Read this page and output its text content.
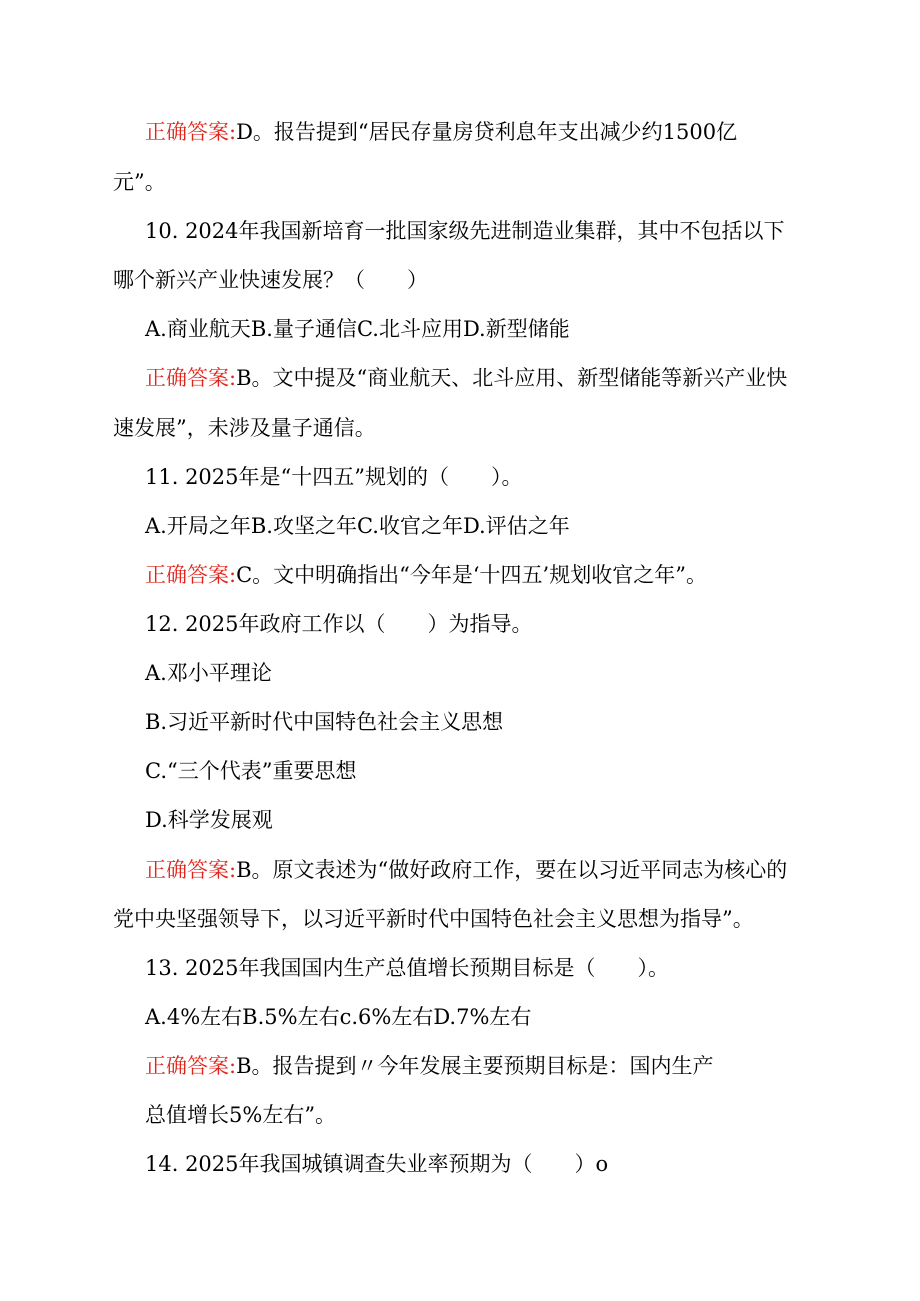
正确答案:D。报告提到“居民存量房贷利息年支出减少约1500亿
元”。
10. 2024年我国新培育一批国家级先进制造业集群，其中不包括以下
哪个新兴产业快速发展？（　　）
A.商业航天B.量子通信C.北斗应用D.新型储能
正确答案:B。文中提及“商业航天、北斗应用、新型储能等新兴产业快
速发展”，未涉及量子通信。
11. 2025年是“十四五”规划的（　　）。
A.开局之年B.攻坚之年C.收官之年D.评估之年
正确答案:C。文中明确指出“今年是‘十四五’规划收官之年”。
12. 2025年政府工作以（　　）为指导。
A.邓小平理论
B.习近平新时代中国特色社会主义思想
C.“三个代表”重要思想
D.科学发展观
正确答案:B。原文表述为“做好政府工作，要在以习近平同志为核心的
党中央坚强领导下，以习近平新时代中国特色社会主义思想为指导”。
13. 2025年我国国内生产总值增长预期目标是（　　）。
A.4%左右B.5%左右c.6%左右D.7%左右
正确答案:B。报告提到〃今年发展主要预期目标是：国内生产
总值增长5%左右”。
14. 2025年我国城镇调查失业率预期为（　　）o
